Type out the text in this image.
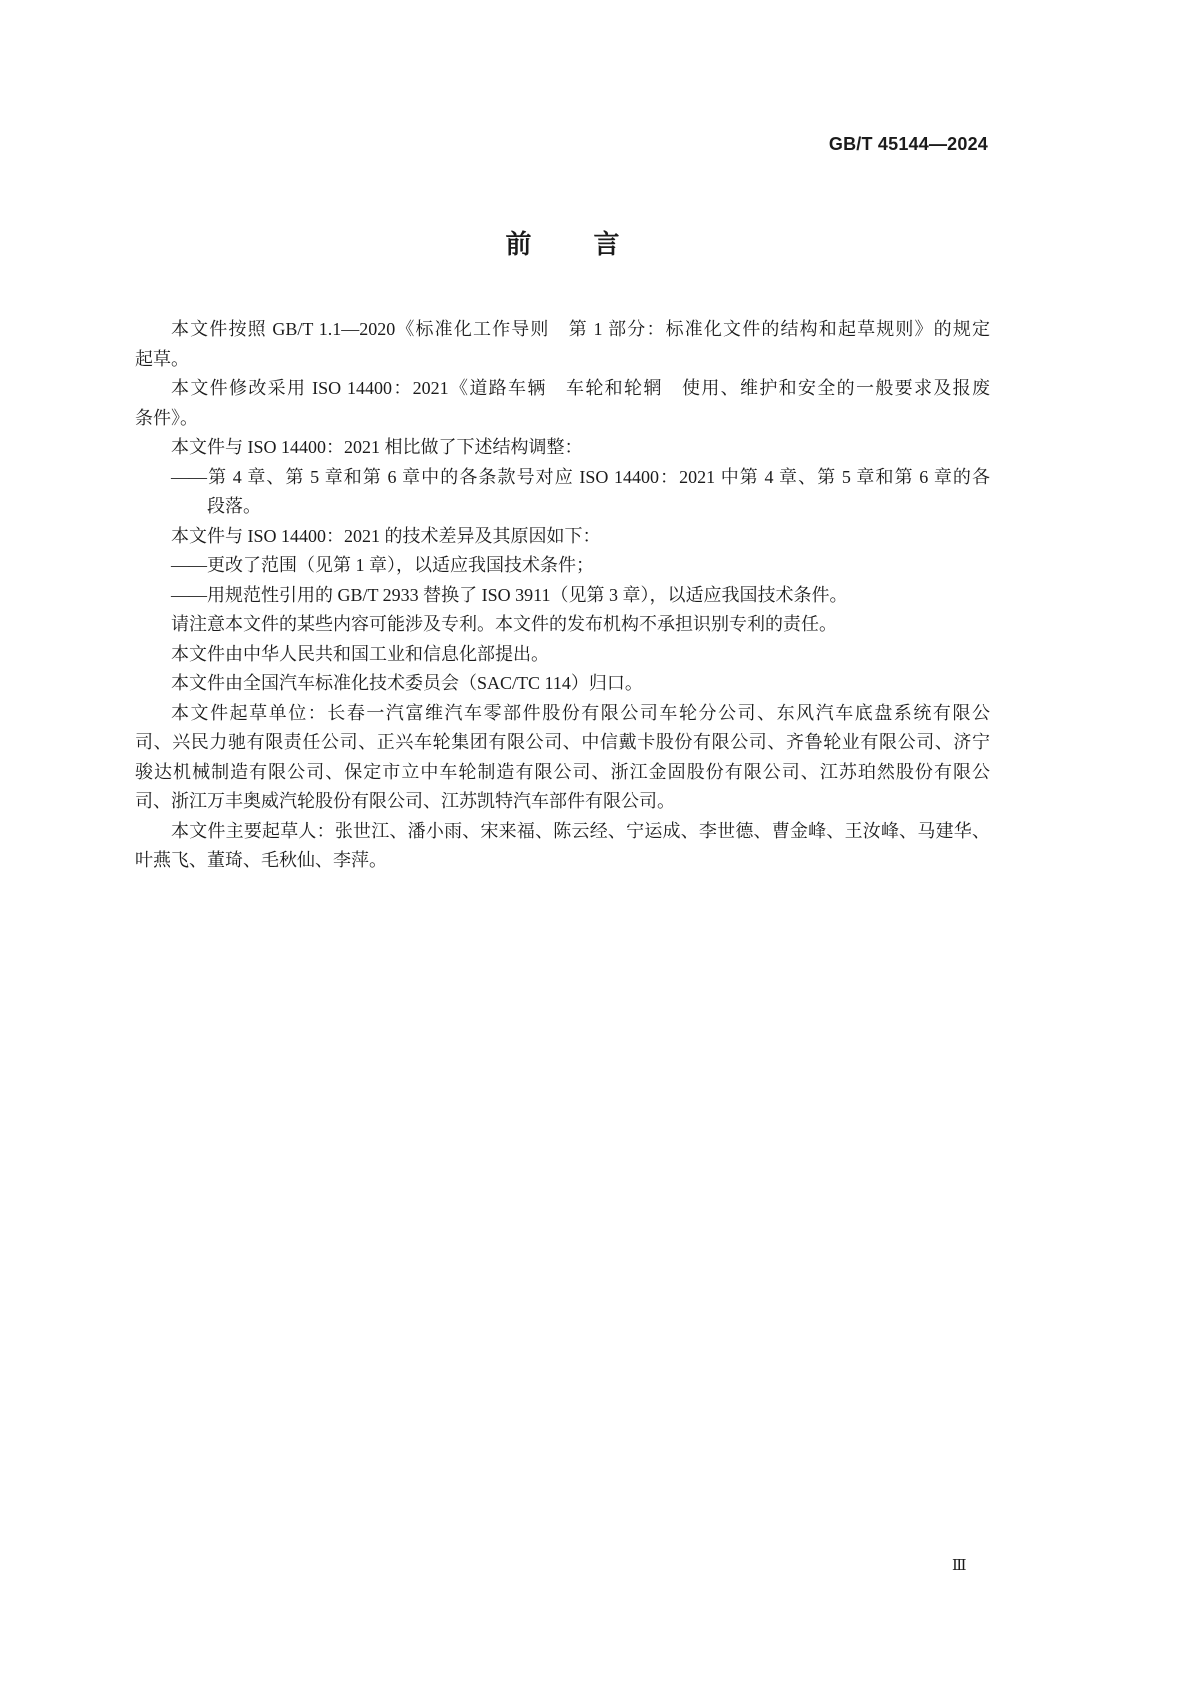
GB/T 45144—2024
前　言
本文件按照 GB/T 1.1—2020《标准化工作导则　第 1 部分：标准化文件的结构和起草规则》的规定
起草。
本文件修改采用 ISO 14400：2021《道路车辆　车轮和轮辋　使用、维护和安全的一般要求及报废
条件》。
本文件与 ISO 14400：2021 相比做了下述结构调整：
——第 4 章、第 5 章和第 6 章中的各条款号对应 ISO 14400：2021 中第 4 章、第 5 章和第 6 章的各
段落。
本文件与 ISO 14400：2021 的技术差异及其原因如下：
——更改了范围（见第 1 章），以适应我国技术条件；
——用规范性引用的 GB/T 2933 替换了 ISO 3911（见第 3 章），以适应我国技术条件。
请注意本文件的某些内容可能涉及专利。本文件的发布机构不承担识别专利的责任。
本文件由中华人民共和国工业和信息化部提出。
本文件由全国汽车标准化技术委员会（SAC/TC 114）归口。
本文件起草单位：长春一汽富维汽车零部件股份有限公司车轮分公司、东风汽车底盘系统有限公
司、兴民力驰有限责任公司、正兴车轮集团有限公司、中信戴卡股份有限公司、齐鲁轮业有限公司、济宁
骏达机械制造有限公司、保定市立中车轮制造有限公司、浙江金固股份有限公司、江苏珀然股份有限公
司、浙江万丰奥威汽轮股份有限公司、江苏凯特汽车部件有限公司。
本文件主要起草人：张世江、潘小雨、宋来福、陈云经、宁运成、李世德、曹金峰、王汝峰、马建华、
叶燕飞、董琦、毛秋仙、李萍。
Ⅲ
